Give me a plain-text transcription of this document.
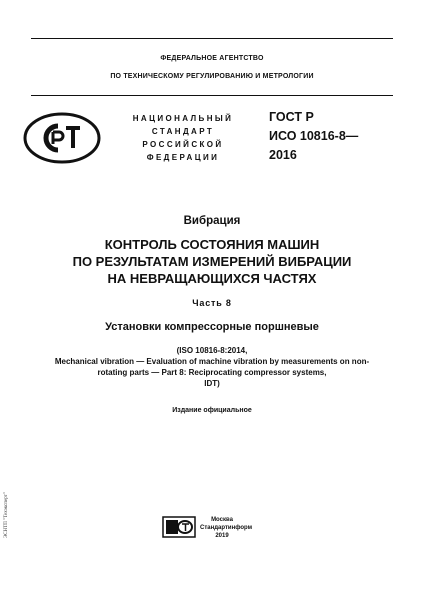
ФЕДЕРАЛЬНОЕ АГЕНТСТВО
ПО ТЕХНИЧЕСКОМУ РЕГУЛИРОВАНИЮ И МЕТРОЛОГИИ
НАЦИОНАЛЬНЫЙ
СТАНДАРТ
РОССИЙСКОЙ
ФЕДЕРАЦИИ
ГОСТ Р
ИСО 10816-8—
2016
Вибрация
КОНТРОЛЬ СОСТОЯНИЯ МАШИН
ПО РЕЗУЛЬТАТАМ ИЗМЕРЕНИЙ ВИБРАЦИИ
НА НЕВРАЩАЮЩИХСЯ ЧАСТЯХ
Часть 8
Установки компрессорные поршневые
(ISO 10816-8:2014,
Mechanical vibration — Evaluation of machine vibration by measurements on non-
rotating parts — Part 8: Reciprocating compressor systems,
IDT)
Издание официальное
Москва
Стандартинформ
2019
ЭСНТП "Техэксперт"
